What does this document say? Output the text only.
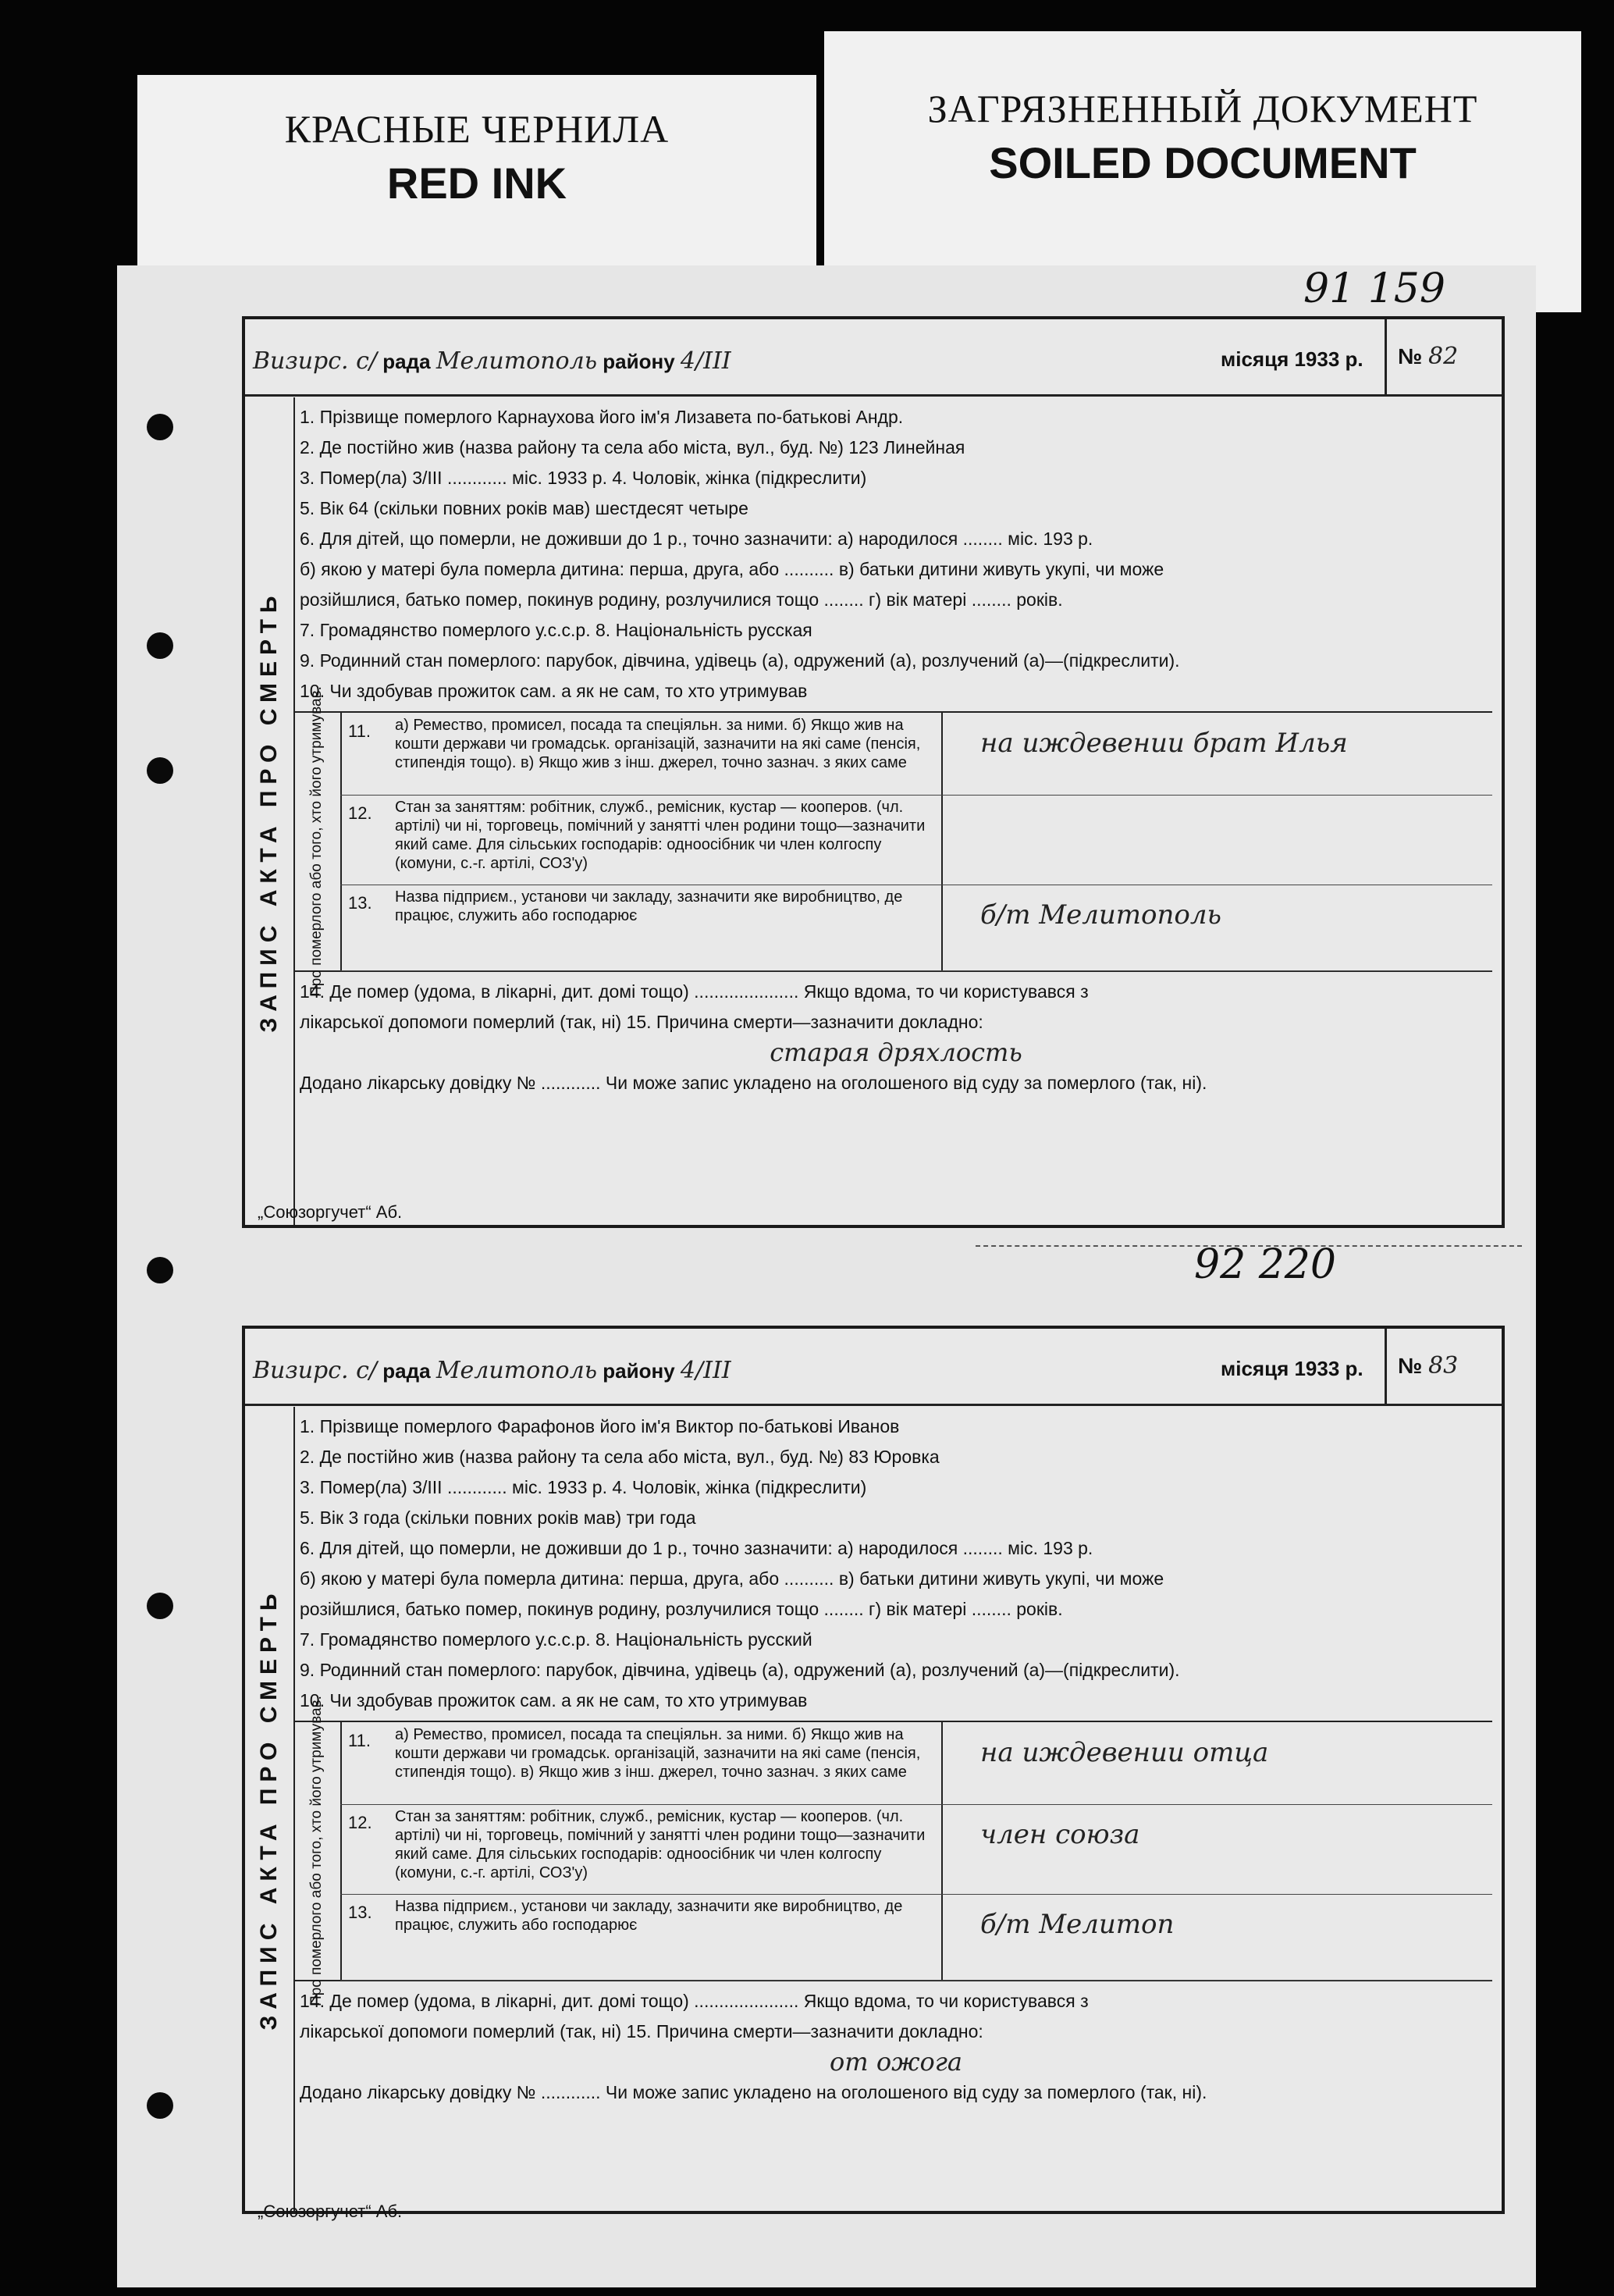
КРАСНЫЕ ЧЕРНИЛА
RED INK
ЗАГРЯЗНЕННЫЙ ДОКУМЕНТ
SOILED DOCUMENT
91 159
92 220
Визирс. с/ рада Мелитополь району 4/III	місяця 1933 р.	№ 82
ЗАПИС АКТА ПРО СМЕРТЬ
1. Прізвище померлого Карнаухова його ім'я Лизавета по-батькові Андр.
2. Де постійно жив (назва району та села або міста, вул., буд. №) 123 Линейная
3. Помер(ла) 3/III ............ міс. 1933 р. 4. Чоловік, жінка (підкреслити)
5. Вік 64 (скільки повних років мав) шестдесят четыре
6. Для дітей, що померли, не доживши до 1 р., точно зазначити: а) народилося ........ міс. 193 р.
б) якою у матері була померла дитина: перша, друга, або .......... в) батьки дитини живуть укупі, чи може
розійшлися, батько помер, покинув родину, розлучилися тощо ........ г) вік матері ........ років.
7. Громадянство померлого у.с.с.р. 8. Національність русская
9. Родинний стан померлого: парубок, дівчина, удівець (а), одружений (а), розлучений (а)—(підкреслити).
10. Чи здобував прожиток сам. а як не сам, то хто утримував
Про померлого або того, хто його утримував. 11. а) Ремество, промисел, посада та спеціяльн. за ними. б) Якщо жив на кошти держави чи громадськ. організацій, зазначити на які саме (пенсія, стипендія тощо). в) Якщо жив з інш. джерел, точно зазнач. з яких саме
на иждевении брат Илья
12. Стан за заняттям: робітник, служб., ремісник, кустар — кооперов. (чл. артілі) чи ні, торговець, помічний у занятті член родини тощо—зазначити який саме. Для сільських господарів: одноосібник чи член колгоспу (комуни, с.-г. артілі, СОЗ'у)
13. Назва підприєм., установи чи закладу, зазначити яке виробництво, де працює, служить або господарює	б/т Мелитополь
14. Де помер (удома, в лікарні, дит. домі тощо) ..................... Якщо вдома, то чи користувався з
лікарської допомоги померлий (так, ні) 15. Причина смерти—зазначити докладно:
старая дряхлость
Додано лікарську довідку № ............ Чи може запис укладено на оголошеного від суду за померлого (так, ні).
„Союзоргучет“ Аб.
Визирс. с/ рада Мелитополь району 4/III	місяця 1933 р.	№ 83
ЗАПИС АКТА ПРО СМЕРТЬ
1. Прізвище померлого Фарафонов його ім'я Виктор по-батькові Иванов
2. Де постійно жив (назва району та села або міста, вул., буд. №) 83 Юровка
3. Помер(ла) 3/III ............ міс. 1933 р. 4. Чоловік, жінка (підкреслити)
5. Вік 3 года (скільки повних років мав) три года
6. Для дітей, що померли, не доживши до 1 р., точно зазначити: а) народилося ........ міс. 193 р.
б) якою у матері була померла дитина: перша, друга, або .......... в) батьки дитини живуть укупі, чи може
розійшлися, батько помер, покинув родину, розлучилися тощо ........ г) вік матері ........ років.
7. Громадянство померлого у.с.с.р. 8. Національність русский
9. Родинний стан померлого: парубок, дівчина, удівець (а), одружений (а), розлучений (а)—(підкреслити).
10. Чи здобував прожиток сам. а як не сам, то хто утримував
Про померлого або того, хто його утримував. 11. а) Ремество, промисел, посада та спеціяльн. за ними. б) Якщо жив на кошти держави чи громадськ. організацій, зазначити на які саме (пенсія, стипендія тощо). в) Якщо жив з інш. джерел, точно зазнач. з яких саме
на иждевении отца
12. Стан за заняттям: робітник, служб., ремісник, кустар — кооперов. (чл. артілі) чи ні, торговець, помічний у занятті член родини тощо—зазначити який саме. Для сільських господарів: одноосібник чи член колгоспу (комуни, с.-г. артілі, СОЗ'у)
член союза
13. Назва підприєм., установи чи закладу, зазначити яке виробництво, де працює, служить або господарює	б/т Мелитоп
14. Де помер (удома, в лікарні, дит. домі тощо) ..................... Якщо вдома, то чи користувався з
лікарської допомоги померлий (так, ні) 15. Причина смерти—зазначити докладно:
от ожога
Додано лікарську довідку № ............ Чи може запис укладено на оголошеного від суду за померлого (так, ні).
„Союзоргучет“ Аб.
